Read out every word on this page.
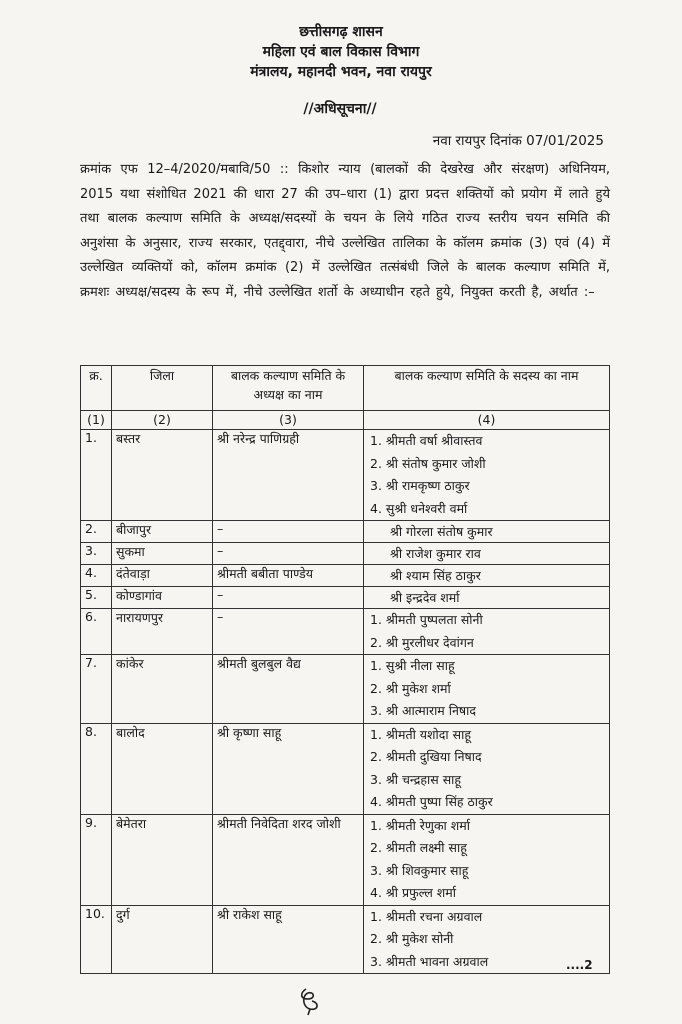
छत्तीसगढ़ शासन
महिला एवं बाल विकास विभाग
मंत्रालय, महानदी भवन, नवा रायपुर
//अधिसूचना//
नवा रायपुर दिनांक 07/01/2025
क्रमांक एफ 12–4/2020/मबावि/50 :: किशोर न्याय (बालकों की देखरेख और संरक्षण) अधिनियम, 2015 यथा संशोधित 2021 की धारा 27 की उप–धारा (1) द्वारा प्रदत्त शक्तियों को प्रयोग में लाते हुये तथा बालक कल्याण समिति के अध्यक्ष/सदस्यों के चयन के लिये गठित राज्य स्तरीय चयन समिति की अनुशंसा के अनुसार, राज्य सरकार, एतद्द्वारा, नीचे उल्लेखित तालिका के कॉलम क्रमांक (3) एवं (4) में उल्लेखित व्यक्तियों को, कॉलम क्रमांक (2) में उल्लेखित तत्संबंधी जिले के बालक कल्याण समिति में, क्रमशः अध्यक्ष/सदस्य के रूप में, नीचे उल्लेखित शर्तो के अध्याधीन रहते हुये, नियुक्त करती है, अर्थात :–
क्र.	जिला	बालक कल्याण समिति के अध्यक्ष का नाम	बालक कल्याण समिति के सदस्य का नाम
(1)	(2)	(3)	(4)
1.	बस्तर	श्री नरेन्द्र पाणिग्रही	1. श्रीमती वर्षा श्रीवास्तव
2. श्री संतोष कुमार जोशी
3. श्री रामकृष्ण ठाकुर
4. सुश्री धनेश्वरी वर्मा

2.	बीजापुर	–	श्री गोरला संतोष कुमार

3.	सुकमा	–	श्री राजेश कुमार राव

4.	दंतेवाड़ा	श्रीमती बबीता पाण्डेय	श्री श्याम सिंह ठाकुर

5.	कोण्डागांव	–	श्री इन्द्रदेव शर्मा

6.	नारायणपुर	–	1. श्रीमती पुष्पलता सोनी
2. श्री मुरलीधर देवांगन

7.	कांकेर	श्रीमती बुलबुल वैद्य	1. सुश्री नीला साहू
2. श्री मुकेश शर्मा
3. श्री आत्माराम निषाद

8.	बालोद	श्री कृष्णा साहू	1. श्रीमती यशोदा साहू
2. श्रीमती दुखिया निषाद
3. श्री चन्द्रहास साहू
4. श्रीमती पुष्पा सिंह ठाकुर

9.	बेमेतरा	श्रीमती निवेदिता शरद जोशी	1. श्रीमती रेणुका शर्मा
2. श्रीमती लक्ष्मी साहू
3. श्री शिवकुमार साहू
4. श्री प्रफुल्ल शर्मा

10.	दुर्ग	श्री राकेश साहू	1. श्रीमती रचना अग्रवाल
2. श्री मुकेश सोनी
3. श्रीमती भावना अग्रवाल	....2
